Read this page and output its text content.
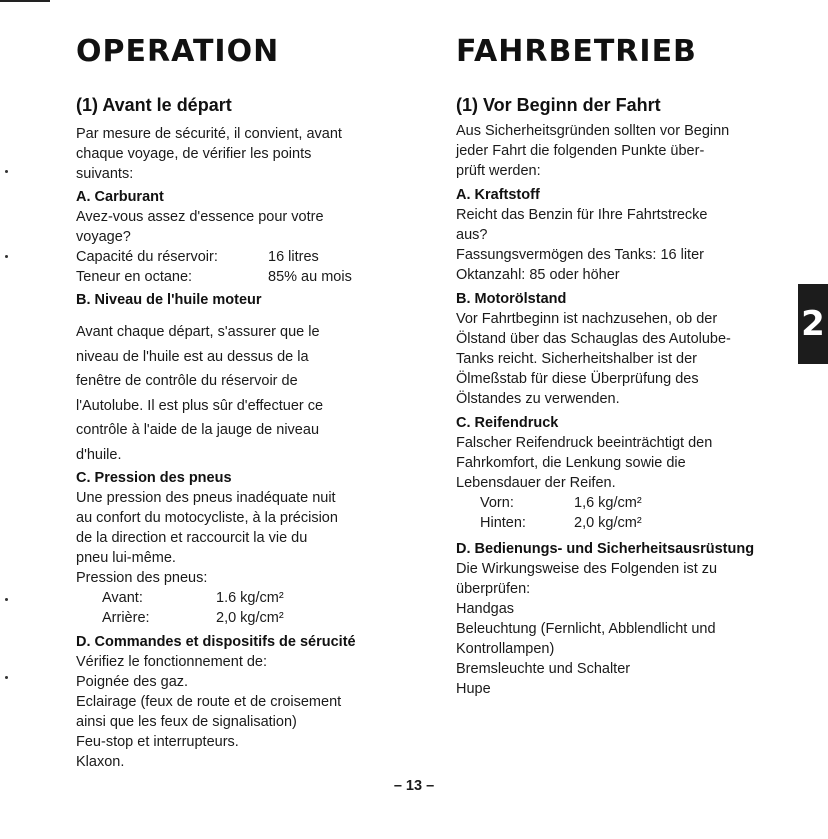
OPERATION
(1) Avant le départ

Par mesure de sécurité, il convient, avant

chaque voyage, de vérifier les points

suivants:

A. Carburant

Avez-vous assez d'essence pour votre

voyage?

Capacité du réservoir:	16 litres
Teneur en octane:	85% au mois
B. Niveau de l'huile moteur

Avant chaque départ, s'assurer que le

niveau de l'huile est au dessus de la

fenêtre de contrôle du réservoir de

l'Autolube. Il est plus sûr d'effectuer ce

contrôle à l'aide de la jauge de niveau

d'huile.

C. Pression des pneus

Une pression des pneus inadéquate nuit

au confort du motocycliste, à la précision

de la direction et raccourcit la vie du

pneu lui-même.

Pression des pneus:

Avant:	1.6 kg/cm²
Arrière:	2,0 kg/cm²
D. Commandes et dispositifs de sérucité

Vérifiez le fonctionnement de:

Poignée des gaz.

Eclairage (feux de route et de croisement

ainsi que les feux de signalisation)

Feu-stop et interrupteurs.

Klaxon.

FAHRBETRIEB
(1) Vor Beginn der Fahrt

Aus Sicherheitsgründen sollten vor Beginn

jeder Fahrt die folgenden Punkte über-

prüft werden:

A. Kraftstoff

Reicht das Benzin für Ihre Fahrtstrecke

aus?

Fassungsvermögen des Tanks: 16 liter

Oktanzahl: 85 oder höher

B. Motorölstand

Vor Fahrtbeginn ist nachzusehen, ob der

Ölstand über das Schauglas des Autolube-

Tanks reicht. Sicherheitshalber ist der

Ölmeßstab für diese Überprüfung des

Ölstandes zu verwenden.

C. Reifendruck

Falscher Reifendruck beeinträchtigt den

Fahrkomfort, die Lenkung sowie die

Lebensdauer der Reifen.

Vorn:	1,6 kg/cm²
Hinten:	2,0 kg/cm²
D. Bedienungs- und Sicherheitsausrüstung

Die Wirkungsweise des Folgenden ist zu

überprüfen:

Handgas

Beleuchtung (Fernlicht, Abblendlicht und

Kontrollampen)

Bremsleuchte und Schalter

Hupe

2
– 13 –
